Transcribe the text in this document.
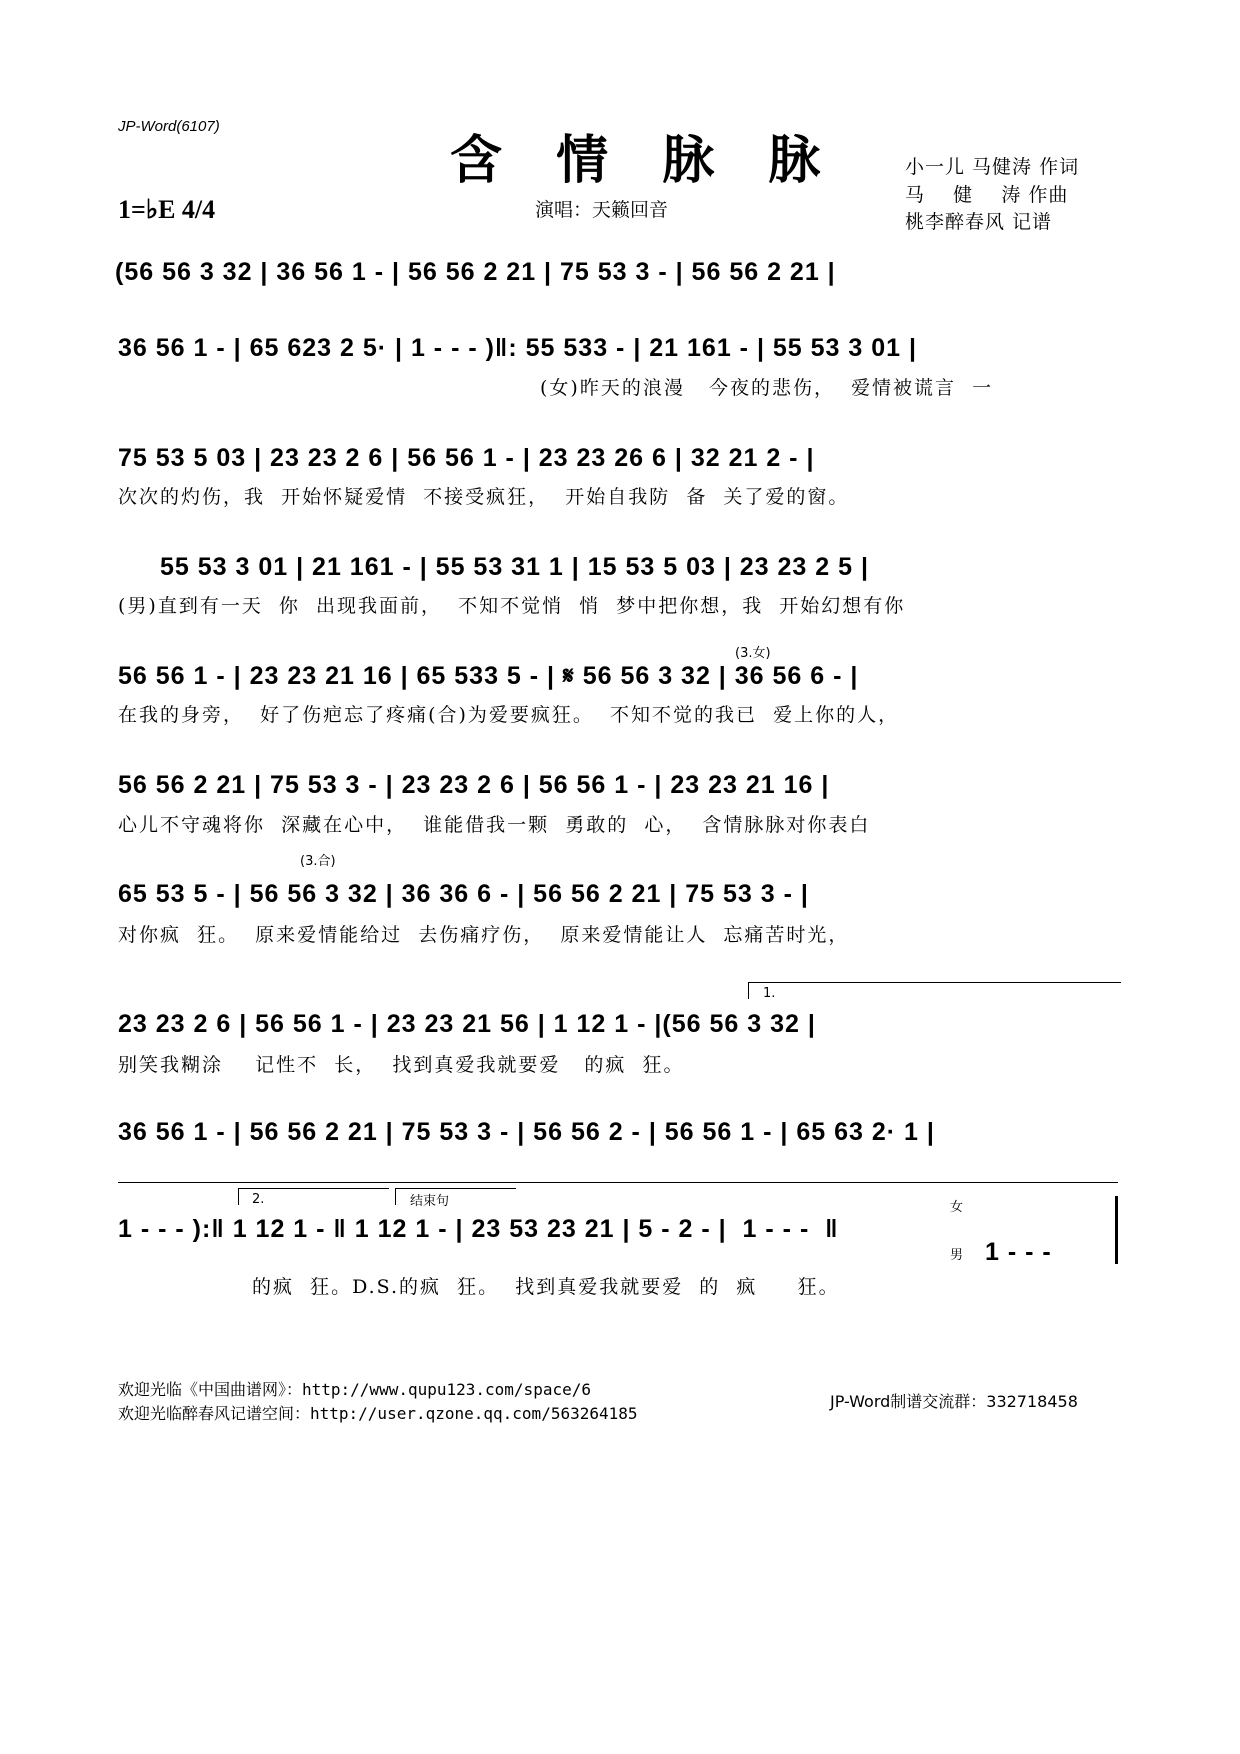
JP-Word(6107)
含 情 脉 脉	小一儿 马健涛 作词
马    健    涛 作曲
桃李醉春风 记谱
1=♭E 4/4	演唱：天籁回音
(56 56 3 32 | 36 56 1 - | 56 56 2 21 | 75 53 3 - | 56 56 2 21 |
36 56 1 - | 65 623 2 5· | 1 - - - )‖: 55 533 - | 21 161 - | 55 53 3 01 |
(女)昨天的浪漫   今夜的悲伤，  爱情被谎言  一
75 53 5 03 | 23 23 2 6 | 56 56 1 - | 23 23 26 6 | 32 21 2 - |
次次的灼伤，我  开始怀疑爱情  不接受疯狂，  开始自我防  备  关了爱的窗。
55 53 3 01 | 21 161 - | 55 53 31 1 | 15 53 5 03 | 23 23 2 5 |
(男)直到有一天  你  出现我面前，  不知不觉悄  悄  梦中把你想，我  开始幻想有你
(3.女)
56 56 1 - | 23 23 21 16 | 65 533 5 - | 𝄋 56 56 3 32 | 36 56 6 - |
在我的身旁，  好了伤疤忘了疼痛(合)为爱要疯狂。  不知不觉的我已  爱上你的人，
56 56 2 21 | 75 53 3 - | 23 23 2 6 | 56 56 1 - | 23 23 21 16 |
心儿不守魂将你  深藏在心中，  谁能借我一颗  勇敢的  心，  含情脉脉对你表白
(3.合)
65 53 5 - | 56 56 3 32 | 36 36 6 - | 56 56 2 21 | 75 53 3 - |
对你疯  狂。  原来爱情能给过  去伤痛疗伤，  原来爱情能让人  忘痛苦时光，
1.
23 23 2 6 | 56 56 1 - | 23 23 21 56 | 1 12 1 - |(56 56 3 32 |
别笑我糊涂    记性不  长，  找到真爱我就要爱   的疯  狂。
36 56 1 - | 56 56 2 21 | 75 53 3 - | 56 56 2 - | 56 56 1 - | 65 63 2· 1 |
2.	结束句
1 - - - ):‖ 1 12 1 - ‖ 1 12 1 - | 23 53 23 21 | 5 - 2 - |  1 - - -  ‖
女
男 1 - - -
的疯  狂。D.S.的疯  狂。  找到真爱我就要爱  的  疯     狂。
欢迎光临《中国曲谱网》：http://www.qupu123.com/space/6
欢迎光临醉春风记谱空间：http://user.qzone.qq.com/563264185
JP-Word制谱交流群：332718458
